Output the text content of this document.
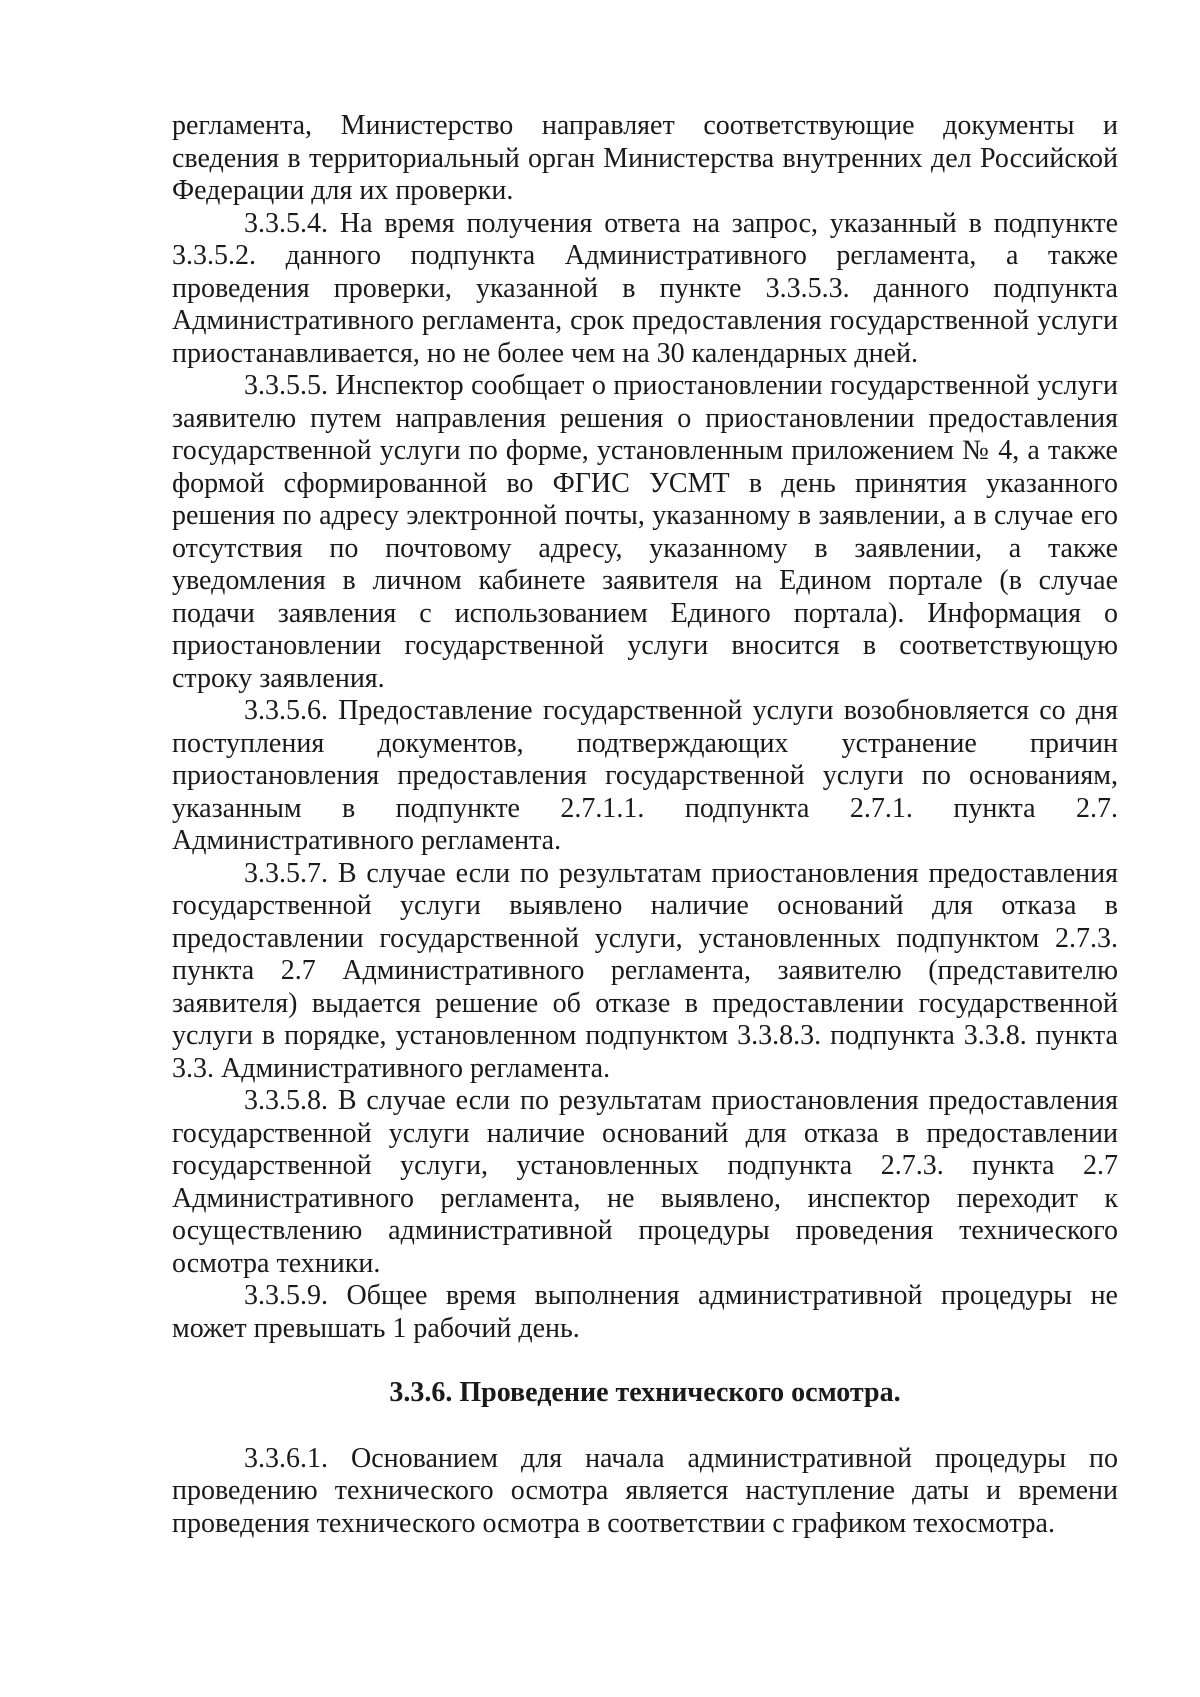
регламента, Министерство направляет соответствующие документы и сведения в территориальный орган Министерства внутренних дел Российской Федерации для их проверки.

3.3.5.4. На время получения ответа на запрос, указанный в подпункте 3.3.5.2. данного подпункта Административного регламента, а также проведения проверки, указанной в пункте 3.3.5.3. данного подпункта Административного регламента, срок предоставления государственной услуги приостанавливается, но не более чем на 30 календарных дней.

3.3.5.5. Инспектор сообщает о приостановлении государственной услуги заявителю путем направления решения о приостановлении предоставления государственной услуги по форме, установленным приложением № 4, а также формой сформированной во ФГИС УСМТ в день принятия указанного решения по адресу электронной почты, указанному в заявлении, а в случае его отсутствия по почтовому адресу, указанному в заявлении, а также уведомления в личном кабинете заявителя на Едином портале (в случае подачи заявления с использованием Единого портала). Информация о приостановлении государственной услуги вносится в соответствующую строку заявления.

3.3.5.6. Предоставление государственной услуги возобновляется со дня поступления документов, подтверждающих устранение причин приостановления предоставления государственной услуги по основаниям, указанным в подпункте 2.7.1.1. подпункта 2.7.1. пункта 2.7. Административного регламента.

3.3.5.7. В случае если по результатам приостановления предоставления государственной услуги выявлено наличие оснований для отказа в предоставлении государственной услуги, установленных подпунктом 2.7.3. пункта 2.7 Административного регламента, заявителю (представителю заявителя) выдается решение об отказе в предоставлении государственной услуги в порядке, установленном подпунктом 3.3.8.3. подпункта 3.3.8. пункта 3.3. Административного регламента.

3.3.5.8. В случае если по результатам приостановления предоставления государственной услуги наличие оснований для отказа в предоставлении государственной услуги, установленных подпункта 2.7.3. пункта 2.7 Административного регламента, не выявлено, инспектор переходит к осуществлению административной процедуры проведения технического осмотра техники.

3.3.5.9. Общее время выполнения административной процедуры не может превышать 1 рабочий день.

3.3.6. Проведение технического осмотра.

3.3.6.1. Основанием для начала административной процедуры по проведению технического осмотра является наступление даты и времени проведения технического осмотра в соответствии с графиком техосмотра.
